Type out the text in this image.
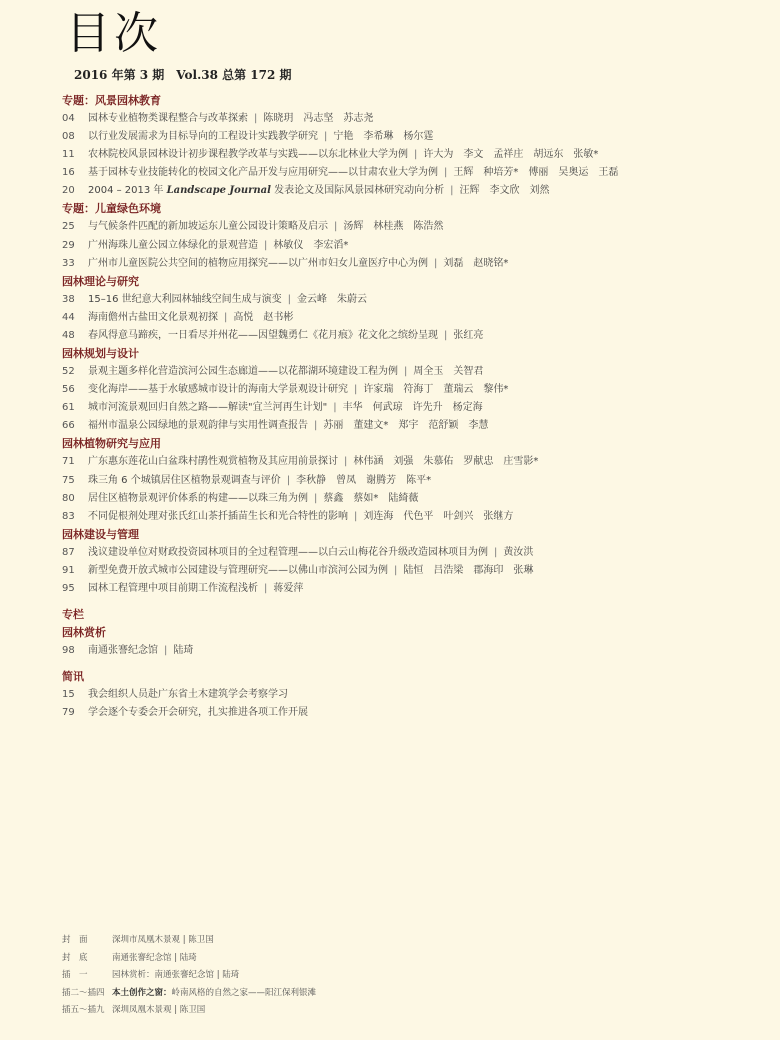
目次
2016 年第 3 期 Vol.38 总第 172 期
专题：风景园林教育
04 园林专业植物类课程整合与改革探索 | 陈晓玥　冯志坚　苏志尧
08 以行业发展需求为目标导向的工程设计实践教学研究 | 宁艳　李希琳　杨尔霆
11 农林院校风景园林设计初步课程教学改革与实践——以东北林业大学为例 | 许大为　李文　孟祥庄　胡远东　张敏*
16 基于园林专业技能转化的校园文化产品开发与应用研究——以甘肃农业大学为例 | 王辉　种培芳*　傅丽　吴奥运　王磊
20 2004 – 2013 年 Landscape Journal 发表论文及国际风景园林研究动向分析 | 汪辉　李文欣　刘然
专题：儿童绿色环境
25 与气候条件匹配的新加坡运东儿童公园设计策略及启示 | 汤辉　林桂燕　陈浩然
29 广州海珠儿童公园立体绿化的景观营造 | 林敏仪　李宏滔*
33 广州市儿童医院公共空间的植物应用探究——以广州市妇女儿童医疗中心为例 | 刘磊　赵晓铭*
园林理论与研究
38 15–16 世纪意大利园林轴线空间生成与演变 | 金云峰　朱蔚云
44 海南儋州古盐田文化景观初探 | 高悦　赵书彬
48 春风得意马蹄疾，一日看尽并州花——因望魏勇仁《花月痕》花文化之缤纷呈现 | 张红亮
园林规划与设计
52 景观主题多样化营造滨河公园生态廊道——以花都湖环境建设工程为例 | 周全玉　关智君
56 变化海岸——基于水敏感城市设计的海南大学景观设计研究 | 许家瑞　符海丁　董瑞云　黎伟*
61 城市河流景观回归自然之路——解读"宜兰河再生计划" | 丰华　何武琼　许先升　杨定海
66 福州市温泉公园绿地的景观韵律与实用性调查报告 | 苏丽　董建文*　郑宇　范舒颖　李慧
园林植物研究与应用
71 广东惠东莲花山白盆珠村鹃性观赏植物及其应用前景探讨 | 林伟涵　刘强　朱慕佑　罗献忠　庄雪影*
75 珠三角 6 个城镇居住区植物景观调查与评价 | 李秋静　曾凤　谢腾芳　陈平*
80 居住区植物景观评价体系的构建——以珠三角为例 | 蔡鑫　蔡如*　陆綺薇
83 不同促根剂处理对张氏红山茶扦插苗生长和光合特性的影响 | 刘连海　代色平　叶剑兴　张继方
园林建设与管理
87 浅议建设单位对财政投资园林项目的全过程管理——以白云山梅花谷升级改造园林项目为例 | 黄汝洪
91 新型免费开放式城市公园建设与管理研究——以佛山市滨河公园为例 | 陆恒　吕浩梁　郡海印　张琳
95 园林工程管理中项目前期工作流程浅析 | 蒋爱萍
专栏
园林赏析
98 南通张謇纪念馆 | 陆琦
简讯
15 我会组织人员赴广东省土木建筑学会考察学习
79 学会逐个专委会开会研究，扎实推进各项工作开展
封　面	深圳市凤凰木景观 | 陈卫国
封　底	南通张謇纪念馆 | 陆琦
插　一	园林赏析：南通张謇纪念馆 | 陆琦
插二～插四 本土创作之窗：岭南风格的自然之家——阳江保利银滩
插五～插九 深圳凤凰木景观 | 陈卫国
